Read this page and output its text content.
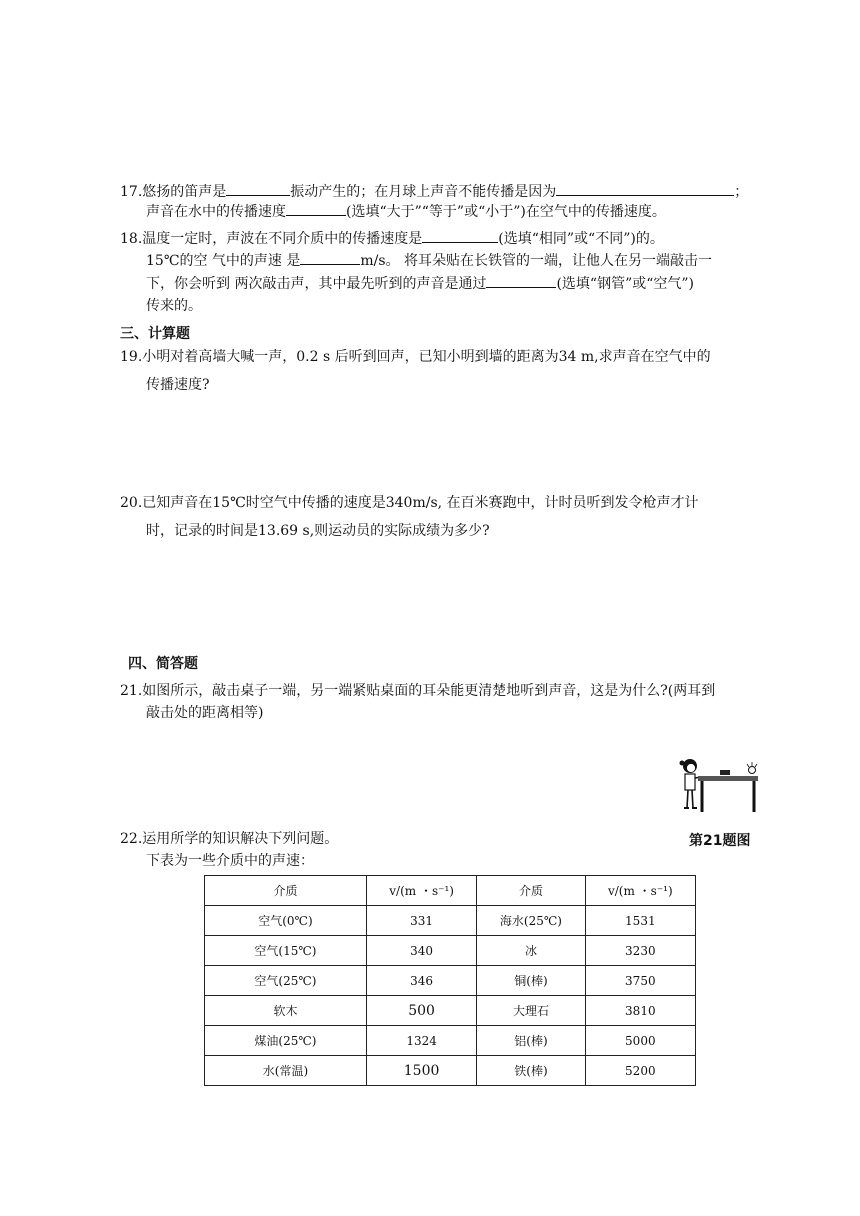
17.悠扬的笛声是	振动产生的；在月球上声音不能传播是因为	；
声音在水中的传播速度	(选填“大于”“等于”或“小于”)在空气中的传播速度。
18.温度一定时，声波在不同介质中的传播速度是	(选填“相同”或“不同”)的。
15℃的空 气中的声速 是	m/s。 将耳朵贴在长铁管的一端，让他人在另一端敲击一
下，你会听到 两次敲击声，其中最先听到的声音是通过	(选填“钢管”或“空气”)
传来的。
三、计算题
19.小明对着高墙大喊一声，0.2 s 后听到回声，已知小明到墙的距离为34 m,求声音在空气中的
传播速度?
20.已知声音在15℃时空气中传播的速度是340m/s, 在百米赛跑中，计时员听到发令枪声才计
时，记录的时间是13.69 s,则运动员的实际成绩为多少?
四、简答题
21.如图所示，敲击桌子一端，另一端紧贴桌面的耳朵能更清楚地听到声音，这是为什么?(两耳到
敲击处的距离相等)
第21题图
22.运用所学的知识解决下列问题。
下表为一些介质中的声速：
介质	v/(m ・s⁻¹)	介质	v/(m ・s⁻¹)
空气(0℃)	331	海水(25℃)	1531
空气(15℃)	340	冰	3230
空气(25℃)	346	铜(棒)	3750
软木	500	大理石	3810
煤油(25℃)	1324	铝(棒)	5000
水(常温)	1500	铁(棒)	5200
